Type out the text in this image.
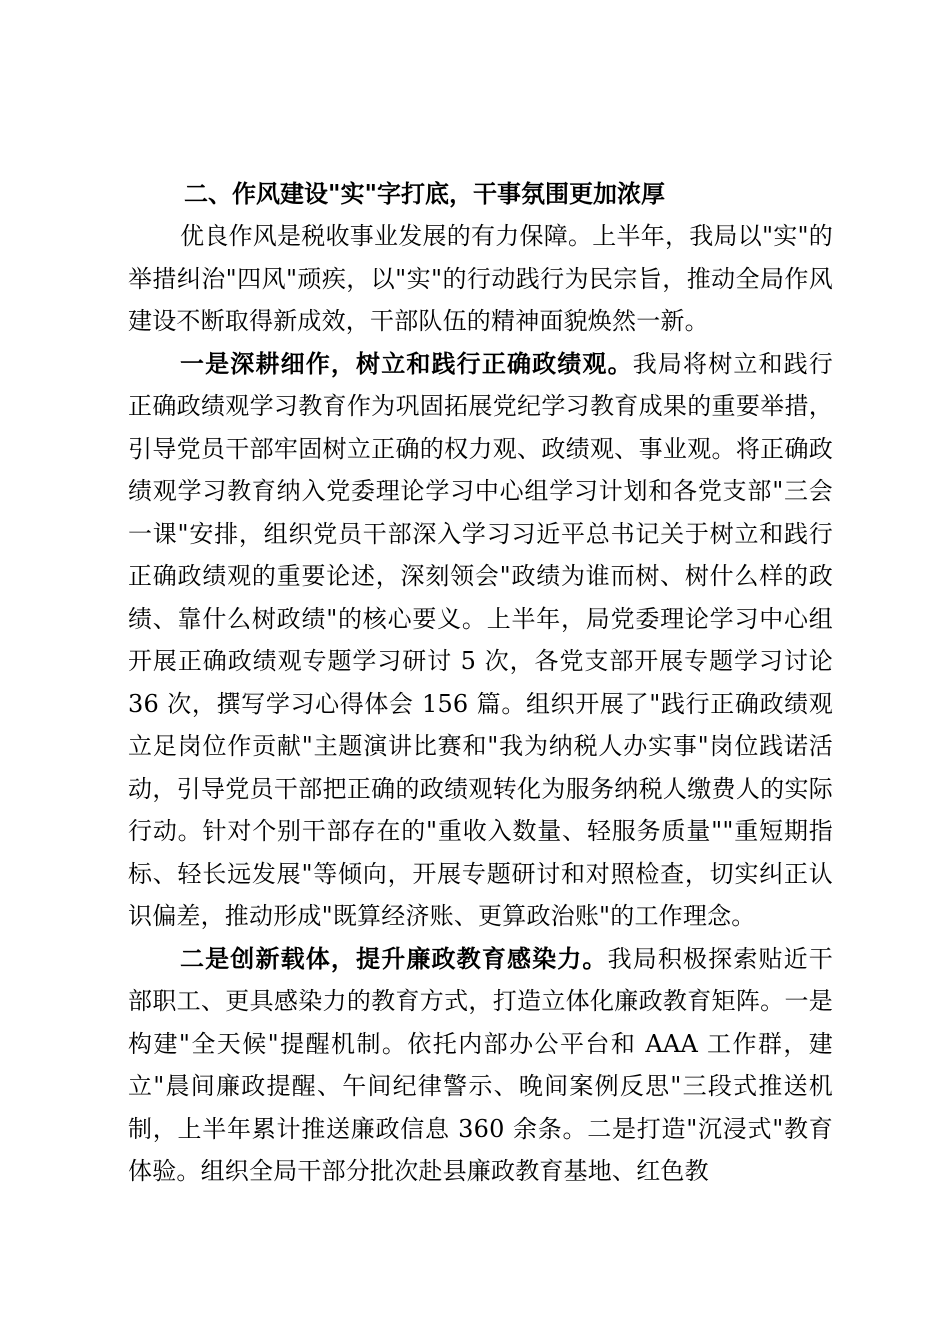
二、作风建设"实"字打底，干事氛围更加浓厚

优良作风是税收事业发展的有力保障。上半年，我局以"实"的举措纠治"四风"顽疾，以"实"的行动践行为民宗旨，推动全局作风建设不断取得新成效，干部队伍的精神面貌焕然一新。

一是深耕细作，树立和践行正确政绩观。我局将树立和践行正确政绩观学习教育作为巩固拓展党纪学习教育成果的重要举措，引导党员干部牢固树立正确的权力观、政绩观、事业观。将正确政绩观学习教育纳入党委理论学习中心组学习计划和各党支部"三会一课"安排，组织党员干部深入学习习近平总书记关于树立和践行正确政绩观的重要论述，深刻领会"政绩为谁而树、树什么样的政绩、靠什么树政绩"的核心要义。上半年，局党委理论学习中心组开展正确政绩观专题学习研讨 5 次，各党支部开展专题学习讨论 36 次，撰写学习心得体会 156 篇。组织开展了"践行正确政绩观立足岗位作贡献"主题演讲比赛和"我为纳税人办实事"岗位践诺活动，引导党员干部把正确的政绩观转化为服务纳税人缴费人的实际行动。针对个别干部存在的"重收入数量、轻服务质量""重短期指标、轻长远发展"等倾向，开展专题研讨和对照检查，切实纠正认识偏差，推动形成"既算经济账、更算政治账"的工作理念。

二是创新载体，提升廉政教育感染力。我局积极探索贴近干部职工、更具感染力的教育方式，打造立体化廉政教育矩阵。一是构建"全天候"提醒机制。依托内部办公平台和 AAA 工作群，建立"晨间廉政提醒、午间纪律警示、晚间案例反思"三段式推送机制，上半年累计推送廉政信息 360 余条。二是打造"沉浸式"教育体验。组织全局干部分批次赴县廉政教育基地、红色教
